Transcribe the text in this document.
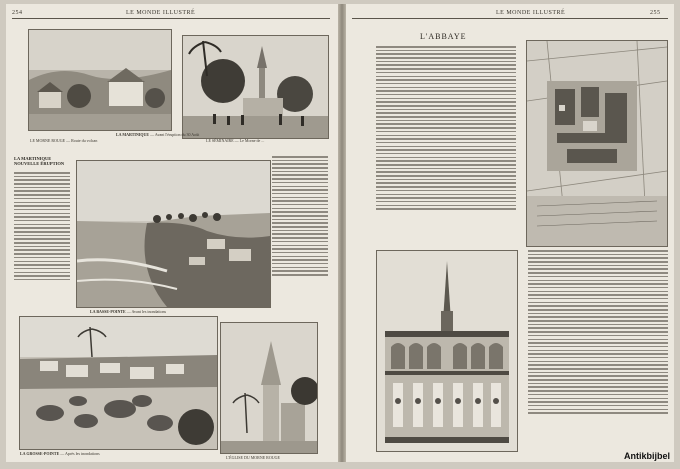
254	LE MONDE ILLUSTRÉ
LA MARTINIQUE — Avant l'éruption du 30 Août
LE MORNE ROUGE — Route du volcan	LE SÉMINAIRE — Le Morne de ...
LA MARTINIQUE
NOUVELLE ÉRUPTION
LA BASSE-POINTE — Avant les inondations
LA GROSSE-POINTE — Après les inondations
L'ÉGLISE DU MORNE ROUGE
LE MONDE ILLUSTRÉ	255
L'ABBAYE
Antikbijbel
